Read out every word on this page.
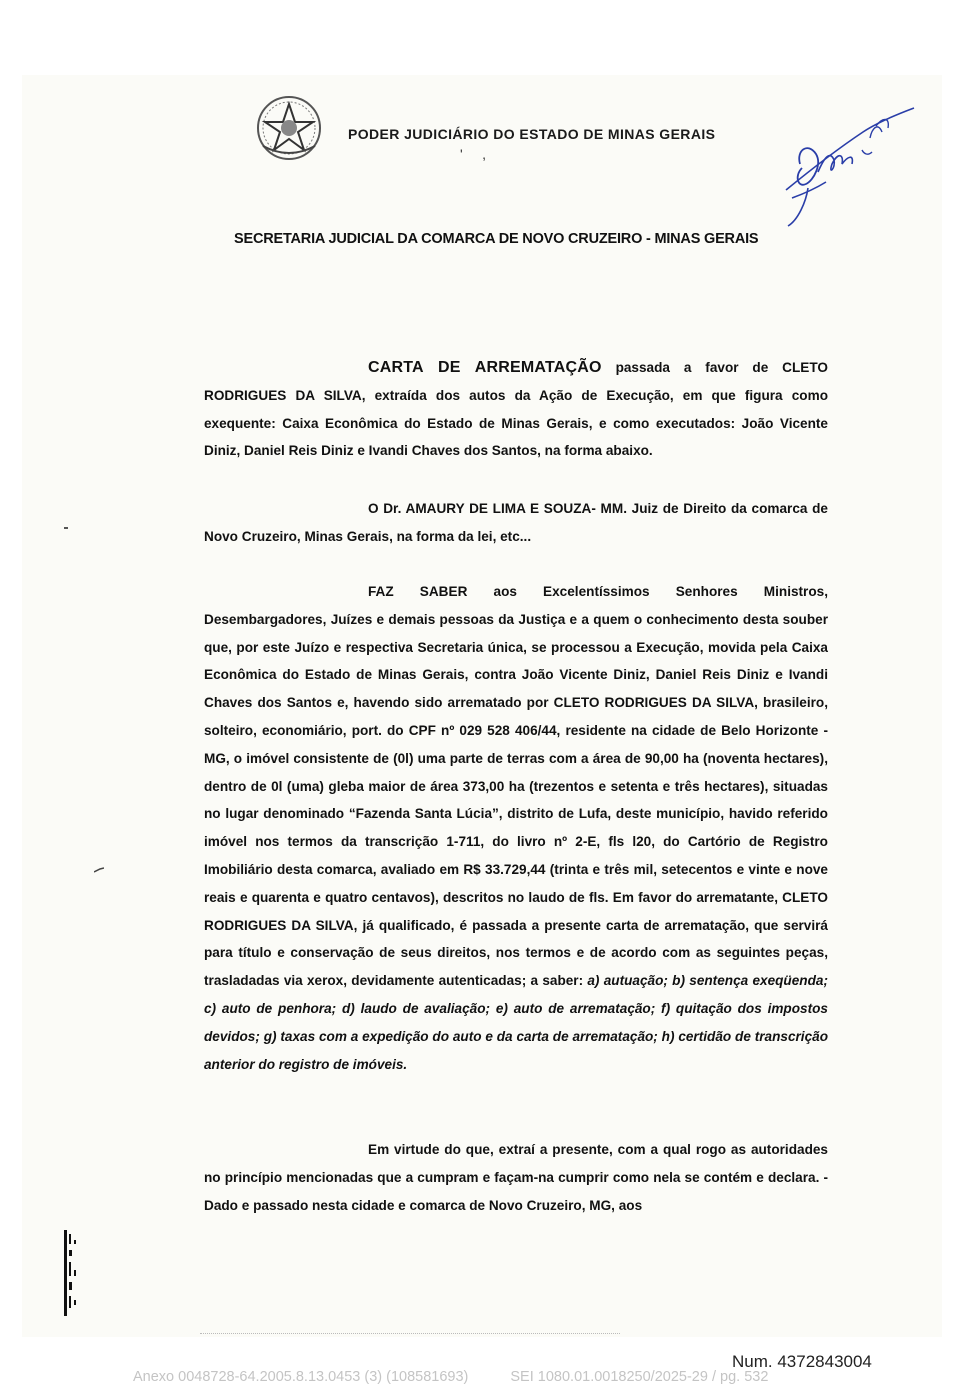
PODER JUDICIÁRIO DO ESTADO DE MINAS GERAIS
'     ,
SECRETARIA JUDICIAL DA COMARCA DE NOVO CRUZEIRO - MINAS GERAIS
CARTA DE ARREMATAÇÃO passada a favor de CLETO RODRIGUES DA SILVA, extraída dos autos da Ação de Execução, em que figura como exequente: Caixa Econômica do Estado de Minas Gerais, e como executados: João Vicente Diniz, Daniel Reis Diniz e Ivandi Chaves dos Santos, na forma abaixo.
O Dr. AMAURY DE LIMA E SOUZA- MM. Juiz de Direito da comarca de Novo Cruzeiro, Minas Gerais, na forma da lei, etc...
FAZ SABER aos Excelentíssimos Senhores Ministros, Desembargadores, Juízes e demais pessoas da Justiça e a quem o conhecimento desta souber que, por este Juízo e respectiva Secretaria única, se processou a Execução, movida pela Caixa Econômica do Estado de Minas Gerais, contra João Vicente Diniz, Daniel Reis Diniz e Ivandi Chaves dos Santos e, havendo sido arrematado por CLETO RODRIGUES DA SILVA, brasileiro, solteiro, economiário, port. do CPF nº 029 528 406/44, residente na cidade de Belo Horizonte -MG, o imóvel consistente de (0l) uma parte de terras com a área de 90,00 ha (noventa hectares), dentro de 0l (uma) gleba maior de área 373,00 ha (trezentos e setenta e três hectares), situadas no lugar denominado “Fazenda Santa Lúcia”, distrito de Lufa, deste município, havido referido imóvel nos termos da transcrição 1-711, do livro nº 2-E, fls l20, do Cartório de Registro Imobiliário desta comarca, avaliado em R$ 33.729,44 (trinta e três mil, setecentos e vinte e nove reais e quarenta e quatro centavos), descritos no laudo de fls. Em favor do arrematante, CLETO RODRIGUES DA SILVA, já qualificado, é passada a presente carta de arrematação, que servirá para título e conservação de seus direitos, nos termos e de acordo com as seguintes peças, trasladadas via xerox, devidamente autenticadas; a saber: a) autuação; b) sentença exeqüenda; c) auto de penhora; d) laudo de avaliação; e) auto de arrematação; f) quitação dos impostos devidos; g) taxas com a expedição do auto e da carta de arrematação; h) certidão de transcrição anterior do registro de imóveis.
Em virtude do que, extraí a presente, com a qual rogo as autoridades no princípio mencionadas que a cumpram e façam-na cumprir como nela se contém e declara. - Dado e passado nesta cidade e comarca de Novo Cruzeiro, MG, aos
Num. 4372843004
Anexo 0048728-64.2005.8.13.0453 (3) (108581693)	SEI 1080.01.0018250/2025-29 / pg. 532
